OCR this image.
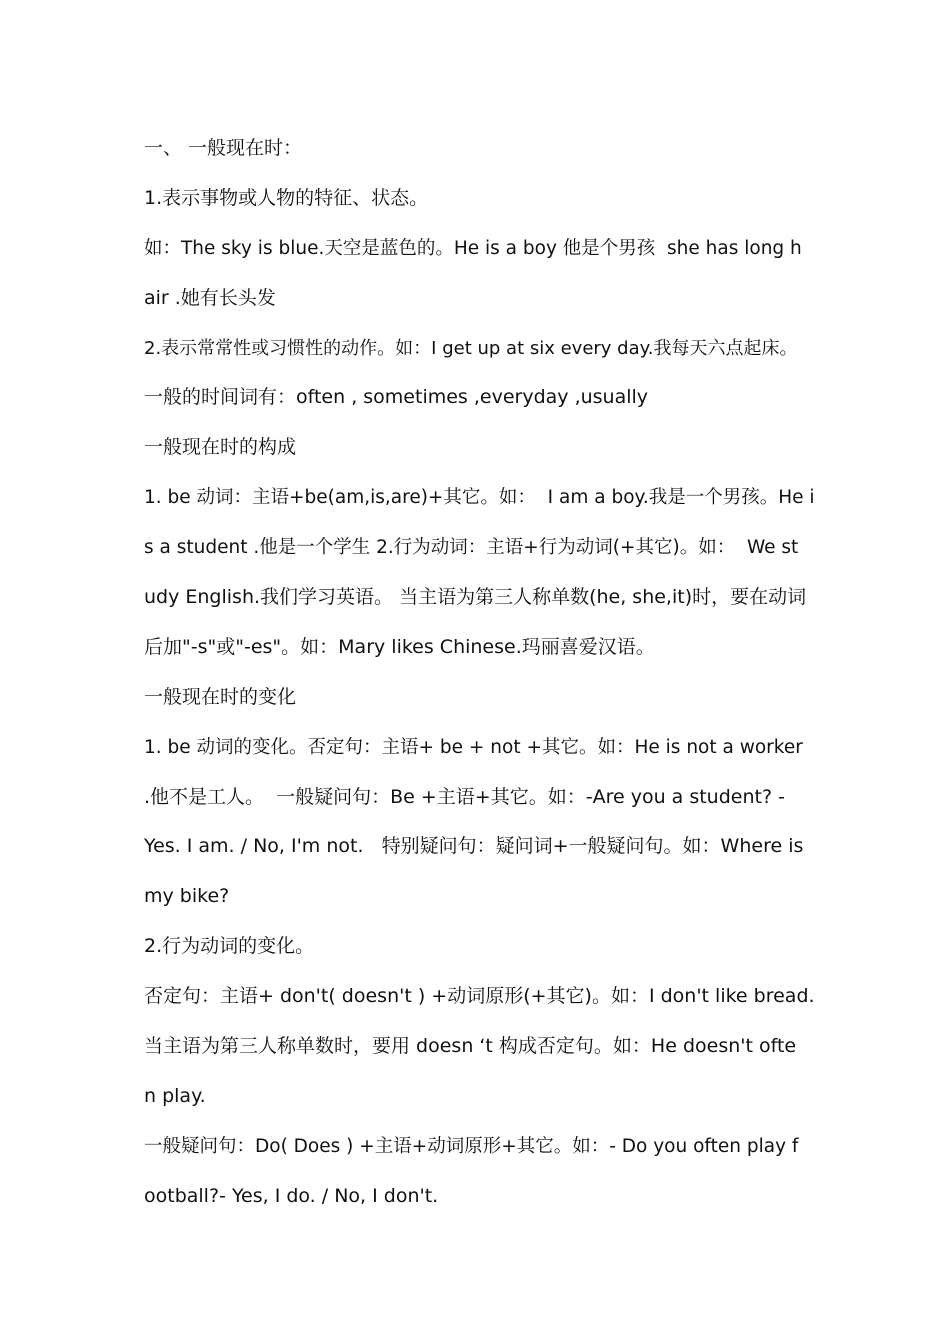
一、 一般现在时：
1.表示事物或人物的特征、状态。
如：The sky is blue.天空是蓝色的。He is a boy 他是个男孩  she has long h
air .她有长头发
2.表示常常性或习惯性的动作。如：I get up at six every day.我每天六点起床。
一般的时间词有：often , sometimes ,everyday ,usually
一般现在时的构成
1. be 动词：主语+be(am,is,are)+其它。如：  I am a boy.我是一个男孩。He i
s a student .他是一个学生 2.行为动词：主语+行为动词(+其它)。如：  We st
udy English.我们学习英语。 当主语为第三人称单数(he, she,it)时，要在动词
后加"-s"或"-es"。如：Mary likes Chinese.玛丽喜爱汉语。
一般现在时的变化
1. be 动词的变化。否定句：主语+ be + not +其它。如：He is not a worker
.他不是工人。  一般疑问句：Be +主语+其它。如：-Are you a student? -
Yes. I am. / No, I'm not.   特别疑问句：疑问词+一般疑问句。如：Where is
my bike?
2.行为动词的变化。
否定句：主语+ don't( doesn't ) +动词原形(+其它)。如：I don't like bread.
当主语为第三人称单数时，要用 doesn ‘t 构成否定句。如：He doesn't ofte
n play.
一般疑问句：Do( Does ) +主语+动词原形+其它。如：- Do you often play f
ootball?- Yes, I do. / No, I don't.
